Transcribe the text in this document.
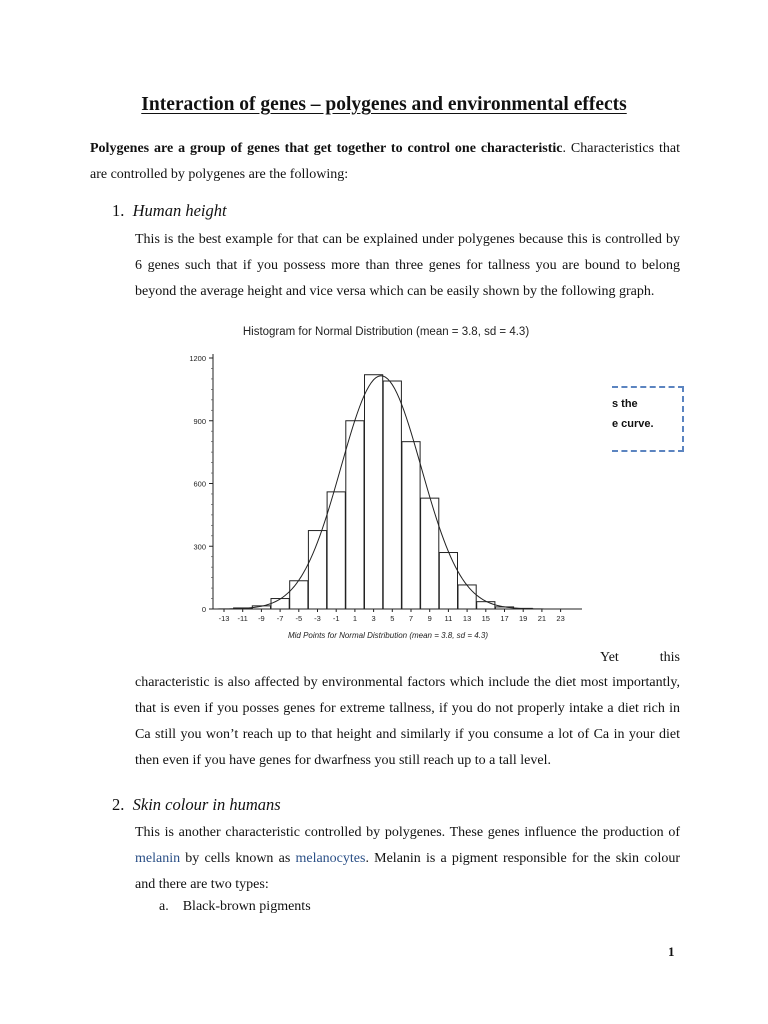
Interaction of genes – polygenes and environmental effects
Polygenes are a group of genes that get together to control one characteristic. Characteristics that are controlled by polygenes are the following:
1. Human height
This is the best example for that can be explained under polygenes because this is controlled by 6 genes such that if you possess more than three genes for tallness you are bound to belong beyond the average height and vice versa which can be easily shown by the following graph.
Histogram for Normal Distribution (mean = 3.8, sd = 4.3)
0
300
600
900
1200
-13 -11 -9 -7 -5 -3 -1 1 3 5 7 9 11 13 15 17 19 21 23
Mid Points for Normal Distribution (mean = 3.8, sd = 4.3)
s the
e curve.
Yet this
characteristic is also affected by environmental factors which include the diet most importantly, that is even if you posses genes for extreme tallness, if you do not properly intake a diet rich in Ca still you won’t reach up to that height and similarly if you consume a lot of Ca in your diet then even if you have genes for dwarfness you still reach up to a tall level.
2. Skin colour in humans
This is another characteristic controlled by polygenes. These genes influence the production of melanin by cells known as melanocytes. Melanin is a pigment responsible for the skin colour and there are two types:
a. Black-brown pigments
1
